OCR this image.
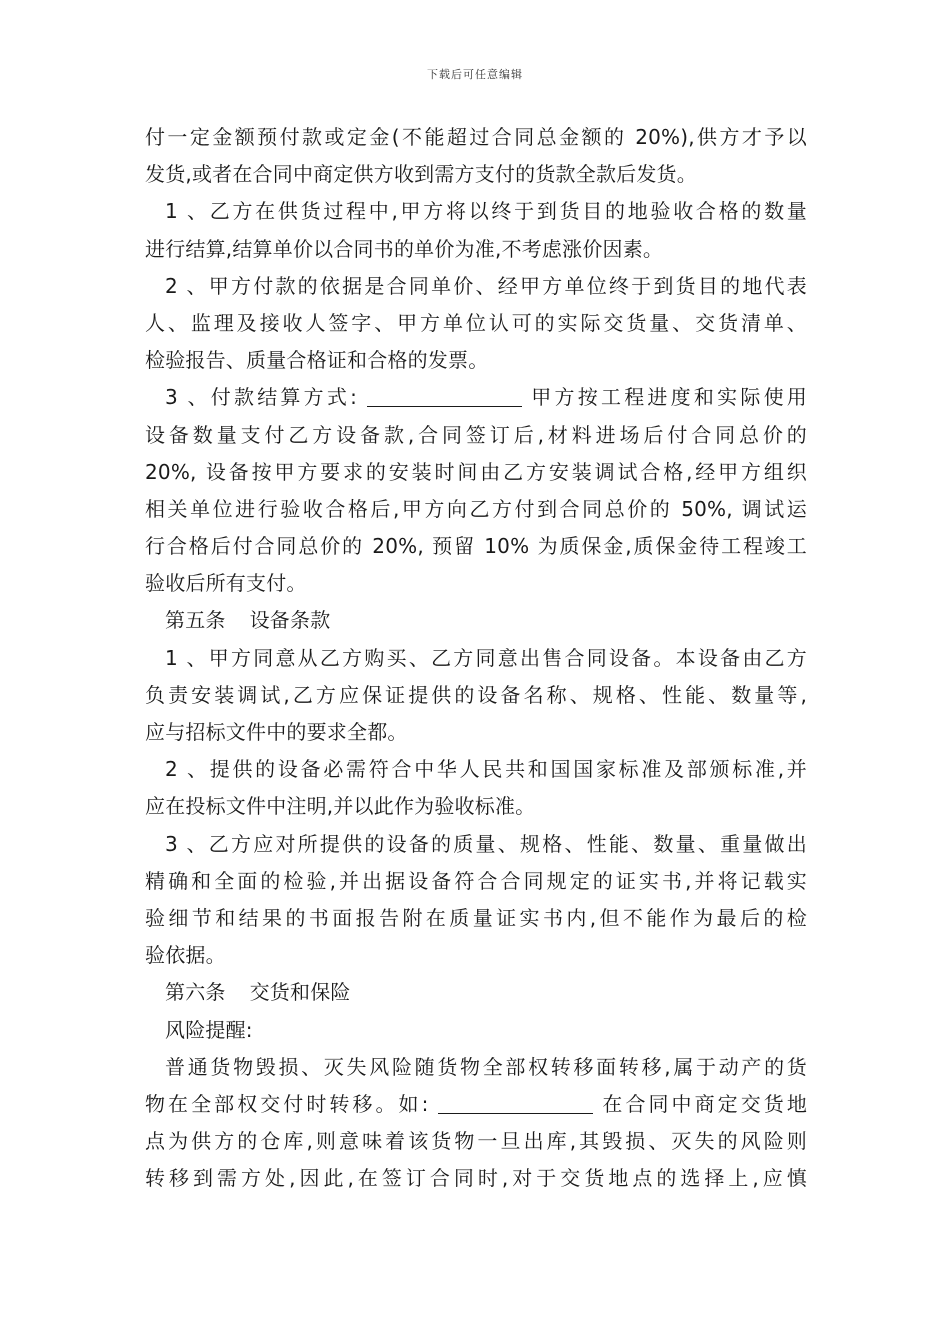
下载后可任意编辑
付一定金额预付款或定金(不能超过合同总金额的 20%),供方才予以
发货,或者在合同中商定供方收到需方支付的货款全款后发货。
1 、乙方在供货过程中,甲方将以终于到货目的地验收合格的数量
进行结算,结算单价以合同书的单价为准,不考虑涨价因素。
2 、甲方付款的依据是合同单价、经甲方单位终于到货目的地代表
人、监理及接收人签字、甲方单位认可的实际交货量、交货清单、
检验报告、质量合格证和合格的发票。
3 、付款结算方式:	甲方按工程进度和实际使用
设备数量支付乙方设备款,合同签订后,材料进场后付合同总价的
20%, 设备按甲方要求的安装时间由乙方安装调试合格,经甲方组织
相关单位进行验收合格后,甲方向乙方付到合同总价的 50%, 调试运
行合格后付合同总价的 20%, 预留 10% 为质保金,质保金待工程竣工
验收后所有支付。
第五条 设备条款
1 、甲方同意从乙方购买、乙方同意出售合同设备。本设备由乙方
负责安装调试,乙方应保证提供的设备名称、规格、性能、数量等,
应与招标文件中的要求全都。
2 、提供的设备必需符合中华人民共和国国家标准及部颁标准,并
应在投标文件中注明,并以此作为验收标准。
3 、乙方应对所提供的设备的质量、规格、性能、数量、重量做出
精确和全面的检验,并出据设备符合合同规定的证实书,并将记载实
验细节和结果的书面报告附在质量证实书内,但不能作为最后的检
验依据。
第六条 交货和保险
风险提醒:
普通货物毁损、灭失风险随货物全部权转移面转移,属于动产的货
物在全部权交付时转移。如:	在合同中商定交货地
点为供方的仓库,则意味着该货物一旦出库,其毁损、灭失的风险则
转移到需方处,因此,在签订合同时,对于交货地点的选择上,应慎
